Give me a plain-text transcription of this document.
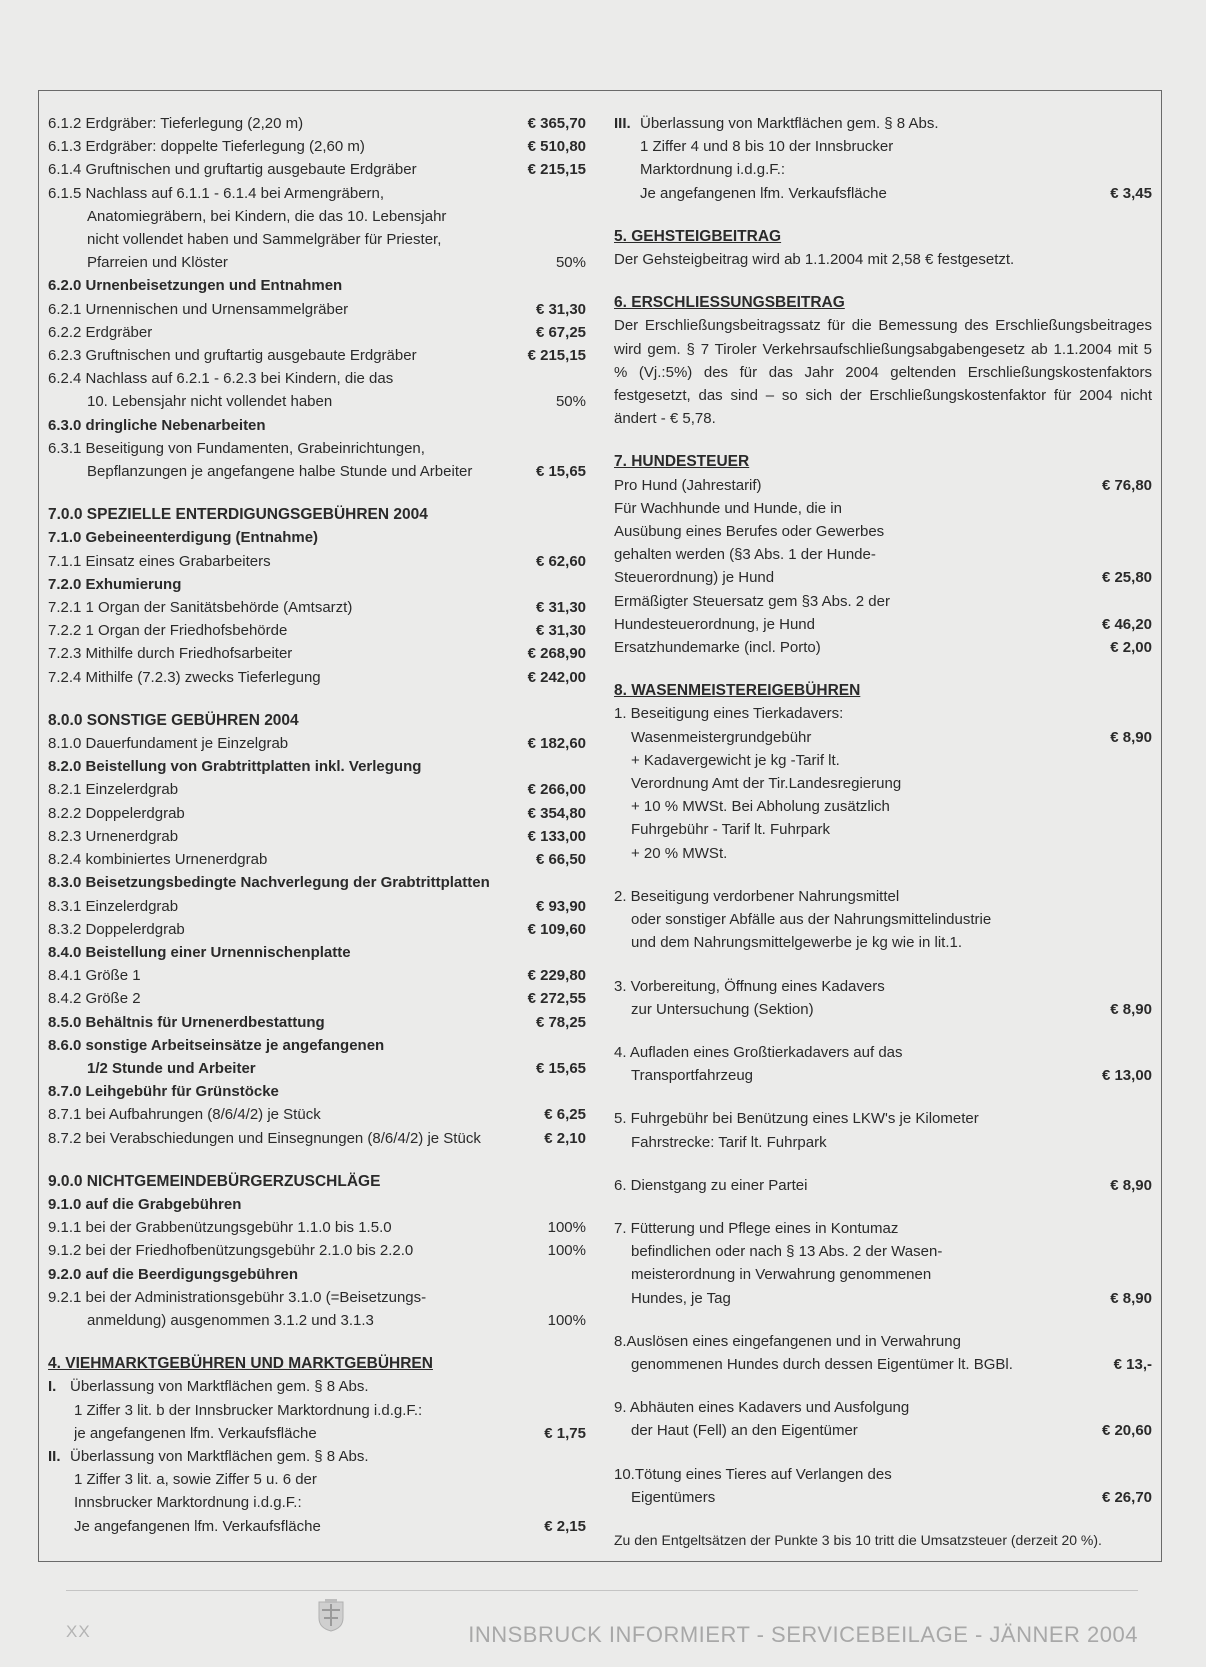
6.1.2 Erdgräber: Tieferlegung (2,20 m)	€ 365,70
6.1.3 Erdgräber: doppelte Tieferlegung (2,60 m)	€ 510,80
6.1.4 Gruftnischen und gruftartig ausgebaute Erdgräber	€ 215,15
6.1.5 Nachlass auf 6.1.1 - 6.1.4 bei Armengräbern,
Anatomiegräbern, bei Kindern, die das 10. Lebensjahr
nicht vollendet haben und Sammelgräber für Priester,
Pfarreien und Klöster	50%
6.2.0 Urnenbeisetzungen und Entnahmen
6.2.1 Urnennischen und Urnensammelgräber	€ 31,30
6.2.2 Erdgräber	€ 67,25
6.2.3 Gruftnischen und gruftartig ausgebaute Erdgräber	€ 215,15
6.2.4 Nachlass auf 6.2.1 - 6.2.3 bei Kindern, die das
10. Lebensjahr nicht vollendet haben	50%
6.3.0 dringliche Nebenarbeiten
6.3.1 Beseitigung von Fundamenten, Grabeinrichtungen,
Bepflanzungen je angefangene halbe Stunde und Arbeiter	€ 15,65
7.0.0 SPEZIELLE ENTERDIGUNGSGEBÜHREN 2004
7.1.0 Gebeineenterdigung (Entnahme)
7.1.1 Einsatz eines Grabarbeiters	€ 62,60
7.2.0 Exhumierung
7.2.1 1 Organ der Sanitätsbehörde (Amtsarzt)	€ 31,30
7.2.2 1 Organ der Friedhofsbehörde	€ 31,30
7.2.3 Mithilfe durch Friedhofsarbeiter	€ 268,90
7.2.4 Mithilfe (7.2.3) zwecks Tieferlegung	€ 242,00
8.0.0 SONSTIGE GEBÜHREN 2004
8.1.0 Dauerfundament je Einzelgrab	€ 182,60
8.2.0 Beistellung von Grabtrittplatten inkl. Verlegung
8.2.1 Einzelerdgrab	€ 266,00
8.2.2 Doppelerdgrab	€ 354,80
8.2.3 Urnenerdgrab	€ 133,00
8.2.4 kombiniertes Urnenerdgrab	€ 66,50
8.3.0 Beisetzungsbedingte Nachverlegung der Grabtrittplatten
8.3.1 Einzelerdgrab	€ 93,90
8.3.2 Doppelerdgrab	€ 109,60
8.4.0 Beistellung einer Urnennischenplatte
8.4.1 Größe 1	€ 229,80
8.4.2 Größe 2	€ 272,55
8.5.0 Behältnis für Urnenerdbestattung	€ 78,25
8.6.0 sonstige Arbeitseinsätze je angefangenen
1/2 Stunde und Arbeiter	€ 15,65
8.7.0 Leihgebühr für Grünstöcke
8.7.1 bei Aufbahrungen (8/6/4/2) je Stück	€ 6,25
8.7.2 bei Verabschiedungen und Einsegnungen (8/6/4/2) je Stück	€ 2,10
9.0.0 NICHTGEMEINDEBÜRGERZUSCHLÄGE
9.1.0 auf die Grabgebühren
9.1.1 bei der Grabbenützungsgebühr 1.1.0 bis 1.5.0	100%
9.1.2 bei der Friedhofbenützungsgebühr 2.1.0 bis 2.2.0	100%
9.2.0 auf die Beerdigungsgebühren
9.2.1 bei der Administrationsgebühr 3.1.0 (=Beisetzungs-
anmeldung) ausgenommen 3.1.2 und 3.1.3	100%
4. VIEHMARKTGEBÜHREN UND MARKTGEBÜHREN
I. Überlassung von Marktflächen gem. § 8 Abs.
1 Ziffer 3 lit. b der Innsbrucker Marktordnung i.d.g.F.:
je angefangenen lfm. Verkaufsfläche	€ 1,75
II. Überlassung von Marktflächen gem. § 8 Abs.
1 Ziffer 3 lit. a, sowie Ziffer 5 u. 6 der
Innsbrucker Marktordnung i.d.g.F.:
Je angefangenen lfm. Verkaufsfläche	€ 2,15
III. Überlassung von Marktflächen gem. § 8 Abs.
1 Ziffer 4 und 8 bis 10 der Innsbrucker
Marktordnung i.d.g.F.:
Je angefangenen lfm. Verkaufsfläche	€ 3,45
5. GEHSTEIGBEITRAG
Der Gehsteigbeitrag wird ab 1.1.2004 mit 2,58 € festgesetzt.
6. ERSCHLIESSUNGSBEITRAG
Der Erschließungsbeitragssatz für die Bemessung des Erschließungsbeitrages wird gem. § 7 Tiroler Verkehrsaufschließungsabgabengesetz ab 1.1.2004 mit 5 % (Vj.:5%) des für das Jahr 2004 geltenden Erschließungskostenfaktors festgesetzt, das sind – so sich der Erschließungskostenfaktor für 2004 nicht ändert - € 5,78.
7. HUNDESTEUER
Pro Hund (Jahrestarif)	€ 76,80
Für Wachhunde und Hunde, die in
Ausübung eines Berufes oder Gewerbes
gehalten werden (§3 Abs. 1 der Hunde-
Steuerordnung) je Hund	€ 25,80
Ermäßigter Steuersatz gem §3 Abs. 2 der
Hundesteuerordnung, je Hund	€ 46,20
Ersatzhundemarke (incl. Porto)	€ 2,00
8. WASENMEISTEREIGEBÜHREN
1. Beseitigung eines Tierkadavers:
Wasenmeistergrundgebühr	€ 8,90
+ Kadavergewicht je kg -Tarif lt.
Verordnung Amt der Tir.Landesregierung
+ 10 % MWSt. Bei Abholung zusätzlich
Fuhrgebühr - Tarif lt. Fuhrpark
+ 20 % MWSt.
2. Beseitigung verdorbener Nahrungsmittel
oder sonstiger Abfälle aus der Nahrungsmittelindustrie
und dem Nahrungsmittelgewerbe je kg wie in lit.1.
3. Vorbereitung, Öffnung eines Kadavers
zur Untersuchung (Sektion)	€ 8,90
4. Aufladen eines Großtierkadavers auf das
Transportfahrzeug	€ 13,00
5. Fuhrgebühr bei Benützung eines LKW's je Kilometer
Fahrstrecke: Tarif lt. Fuhrpark
6. Dienstgang zu einer Partei	€ 8,90
7. Fütterung und Pflege eines in Kontumaz
befindlichen oder nach § 13 Abs. 2 der Wasen-
meisterordnung in Verwahrung genommenen
Hundes, je Tag	€ 8,90
8.Auslösen eines eingefangenen und in Verwahrung
genommenen Hundes durch dessen Eigentümer lt. BGBl.	€ 13,-
9. Abhäuten eines Kadavers und Ausfolgung
der Haut (Fell) an den Eigentümer	€ 20,60
10.Tötung eines Tieres auf Verlangen des
Eigentümers	€ 26,70
Zu den Entgeltsätzen der Punkte 3 bis 10 tritt die Umsatzsteuer (derzeit 20 %).
XX	INNSBRUCK INFORMIERT - SERVICEBEILAGE - JÄNNER 2004
